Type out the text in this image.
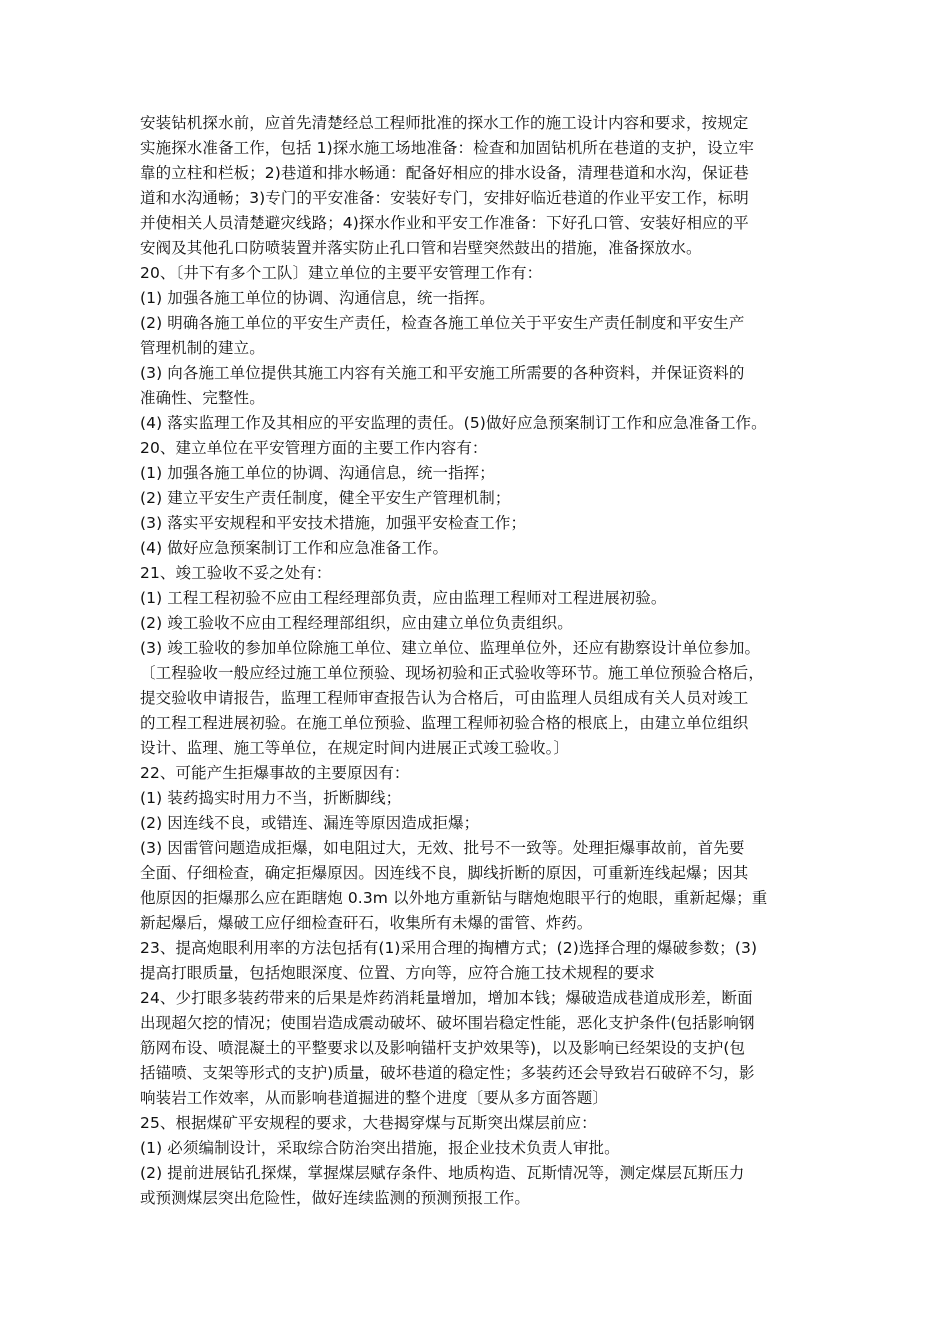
安装钻机探水前，应首先清楚经总工程师批准的探水工作的施工设计内容和要求，按规定
实施探水准备工作，包括 1)探水施工场地准备：检查和加固钻机所在巷道的支护，设立牢
靠的立柱和栏板；2)巷道和排水畅通：配备好相应的排水设备，清理巷道和水沟，保证巷
道和水沟通畅；3)专门的平安准备：安装好专门，安排好临近巷道的作业平安工作，标明
并使相关人员清楚避灾线路；4)探水作业和平安工作准备：下好孔口管、安装好相应的平
安阀及其他孔口防喷装置并落实防止孔口管和岩壁突然鼓出的措施，准备探放水。
20、〔井下有多个工队〕建立单位的主要平安管理工作有：
(1) 加强各施工单位的协调、沟通信息，统一指挥。
(2) 明确各施工单位的平安生产责任，检查各施工单位关于平安生产责任制度和平安生产
管理机制的建立。
(3) 向各施工单位提供其施工内容有关施工和平安施工所需要的各种资料，并保证资料的
准确性、完整性。
(4) 落实监理工作及其相应的平安监理的责任。(5)做好应急预案制订工作和应急准备工作。
20、建立单位在平安管理方面的主要工作内容有：
(1) 加强各施工单位的协调、沟通信息，统一指挥；
(2) 建立平安生产责任制度，健全平安生产管理机制；
(3) 落实平安规程和平安技术措施，加强平安检查工作；
(4) 做好应急预案制订工作和应急准备工作。
21、竣工验收不妥之处有：
(1) 工程工程初验不应由工程经理部负责，应由监理工程师对工程进展初验。
(2) 竣工验收不应由工程经理部组织，应由建立单位负责组织。
(3) 竣工验收的参加单位除施工单位、建立单位、监理单位外，还应有勘察设计单位参加。
〔工程验收一般应经过施工单位预验、现场初验和正式验收等环节。施工单位预验合格后，
提交验收申请报告，监理工程师审查报告认为合格后，可由监理人员组成有关人员对竣工
的工程工程进展初验。在施工单位预验、监理工程师初验合格的根底上，由建立单位组织
设计、监理、施工等单位，在规定时间内进展正式竣工验收。〕
22、可能产生拒爆事故的主要原因有：
(1) 装药捣实时用力不当，折断脚线；
(2) 因连线不良，或错连、漏连等原因造成拒爆；
(3) 因雷管问题造成拒爆，如电阻过大，无效、批号不一致等。处理拒爆事故前，首先要
全面、仔细检查，确定拒爆原因。因连线不良，脚线折断的原因，可重新连线起爆；因其
他原因的拒爆那么应在距瞎炮 0.3m 以外地方重新钻与瞎炮炮眼平行的炮眼，重新起爆；重
新起爆后，爆破工应仔细检查矸石，收集所有未爆的雷管、炸药。
23、提高炮眼利用率的方法包括有(1)采用合理的掏槽方式；(2)选择合理的爆破参数；(3)
提高打眼质量，包括炮眼深度、位置、方向等，应符合施工技术规程的要求
24、少打眼多装药带来的后果是炸药消耗量增加，增加本钱；爆破造成巷道成形差，断面
出现超欠挖的情况；使围岩造成震动破坏、破坏围岩稳定性能，恶化支护条件(包括影响钢
筋网布设、喷混凝土的平整要求以及影响锚杆支护效果等)，以及影响已经架设的支护(包
括锚喷、支架等形式的支护)质量，破坏巷道的稳定性；多装药还会导致岩石破碎不匀，影
响装岩工作效率，从而影响巷道掘进的整个进度〔要从多方面答题〕
25、根据煤矿平安规程的要求，大巷揭穿煤与瓦斯突出煤层前应：
(1) 必须编制设计，采取综合防治突出措施，报企业技术负责人审批。
(2) 提前进展钻孔探煤，掌握煤层赋存条件、地质构造、瓦斯情况等，测定煤层瓦斯压力
或预测煤层突出危险性，做好连续监测的预测预报工作。
